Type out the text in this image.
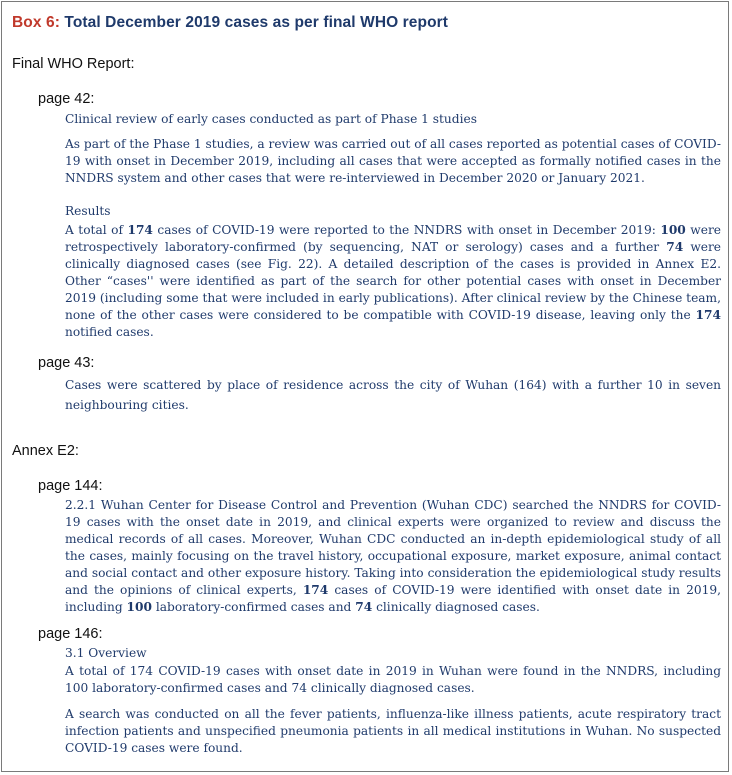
Box 6: Total December 2019 cases as per final WHO report
Final WHO Report:
page 42:
Clinical review of early cases conducted as part of Phase 1 studies

As part of the Phase 1 studies, a review was carried out of all cases reported as potential cases of COVID-19 with onset in December 2019, including all cases that were accepted as formally notified cases in the NNDRS system and other cases that were re-interviewed in December 2020 or January 2021.

Results

A total of 174 cases of COVID-19 were reported to the NNDRS with onset in December 2019: 100 were retrospectively laboratory-confirmed (by sequencing, NAT or serology) cases and a further 74 were clinically diagnosed cases (see Fig. 22). A detailed description of the cases is provided in Annex E2. Other “cases'' were identified as part of the search for other potential cases with onset in December 2019 (including some that were included in early publications). After clinical review by the Chinese team, none of the other cases were considered to be compatible with COVID-19 disease, leaving only the 174 notified cases.

page 43:

Cases were scattered by place of residence across the city of Wuhan (164) with a further 10 in seven neighbouring cities.

Annex E2:
page 144:

2.2.1 Wuhan Center for Disease Control and Prevention (Wuhan CDC) searched the NNDRS for COVID- 19 cases with the onset date in 2019, and clinical experts were organized to review and discuss the medical records of all cases. Moreover, Wuhan CDC conducted an in-depth epidemiological study of all the cases, mainly focusing on the travel history, occupational exposure, market exposure, animal contact and social contact and other exposure history. Taking into consideration the epidemiological study results and the opinions of clinical experts, 174 cases of COVID-19 were identified with onset date in 2019, including 100 laboratory-confirmed cases and 74 clinically diagnosed cases.

page 146:
3.1 Overview

A total of 174 COVID-19 cases with onset date in 2019 in Wuhan were found in the NNDRS, including 100 laboratory-confirmed cases and 74 clinically diagnosed cases.

A search was conducted on all the fever patients, influenza-like illness patients, acute respiratory tract infection patients and unspecified pneumonia patients in all medical institutions in Wuhan. No suspected COVID-19 cases were found.
